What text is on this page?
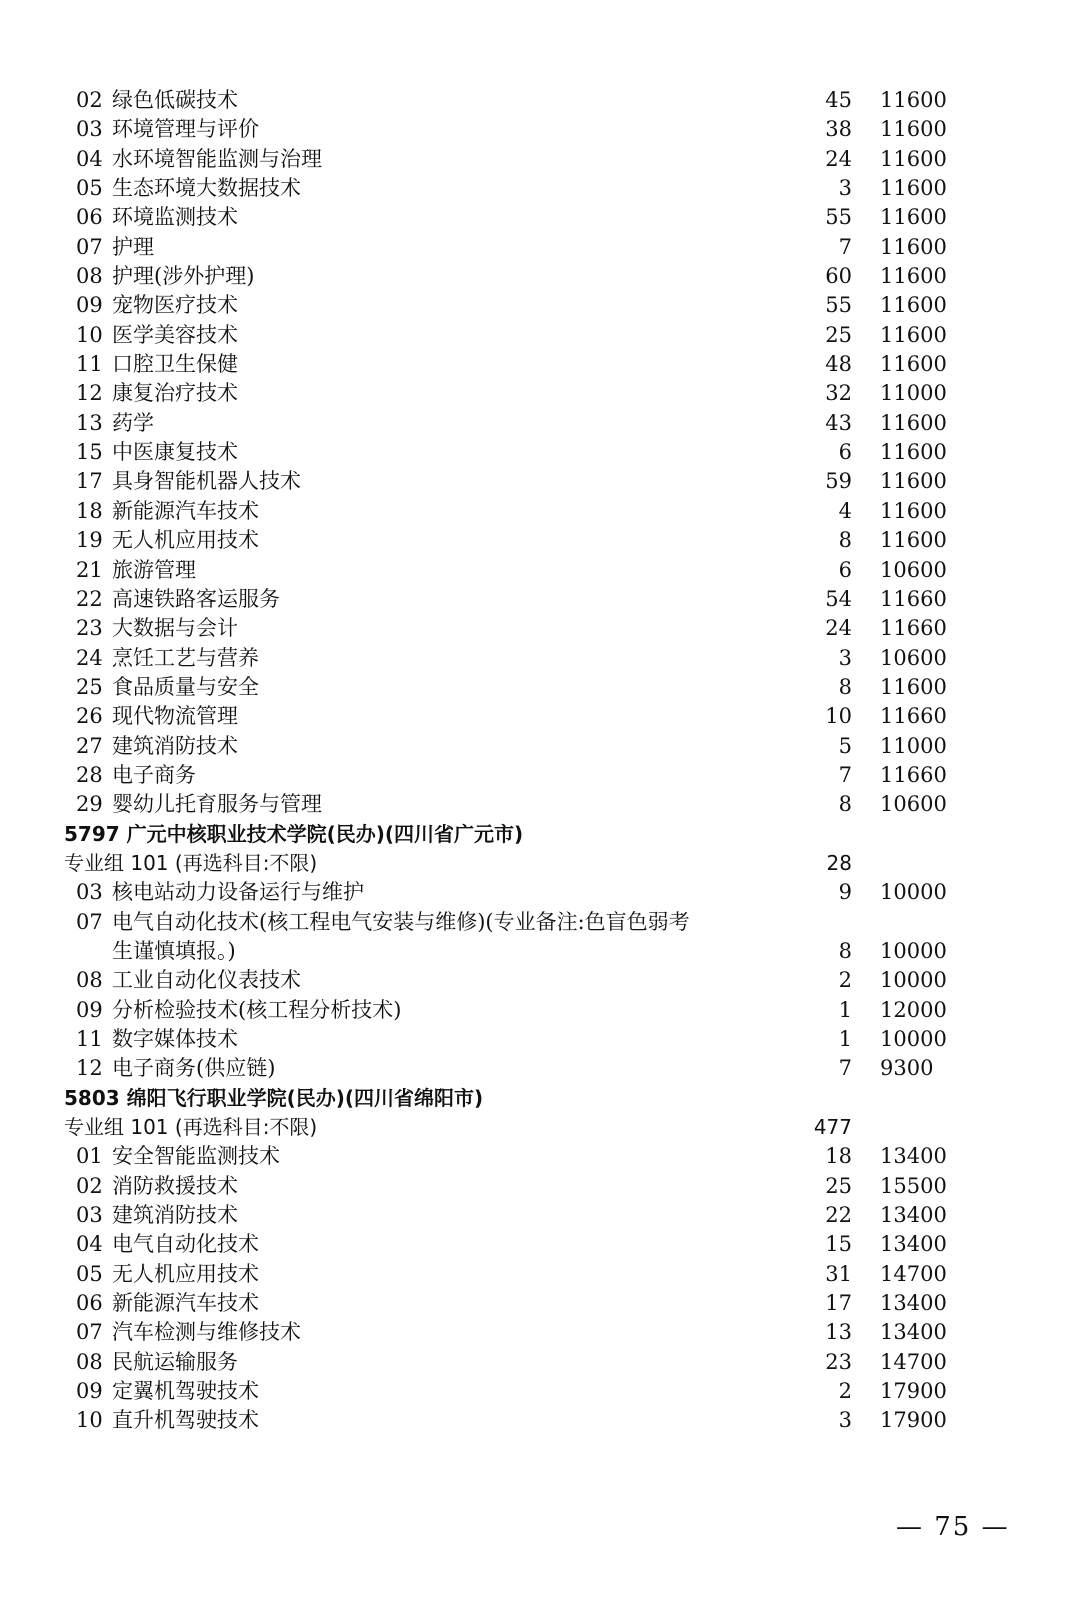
02 绿色低碳技术	45 11600
03 环境管理与评价	38 11600
04 水环境智能监测与治理	24 11600
05 生态环境大数据技术	3 11600
06 环境监测技术	55 11600
07 护理	7 11600
08 护理(涉外护理)	60 11600
09 宠物医疗技术	55 11600
10 医学美容技术	25 11600
11 口腔卫生保健	48 11600
12 康复治疗技术	32 11000
13 药学	43 11600
15 中医康复技术	6 11600
17 具身智能机器人技术	59 11600
18 新能源汽车技术	4 11600
19 无人机应用技术	8 11600
21 旅游管理	6 10600
22 高速铁路客运服务	54 11660
23 大数据与会计	24 11660
24 烹饪工艺与营养	3 10600
25 食品质量与安全	8 11600
26 现代物流管理	10 11660
27 建筑消防技术	5 11000
28 电子商务	7 11660
29 婴幼儿托育服务与管理	8 10600
5797 广元中核职业技术学院(民办)(四川省广元市)
专业组 101 (再选科目:不限)	28
03 核电站动力设备运行与维护	9 10000
07 电气自动化技术(核工程电气安装与维修)(专业备注:色盲色弱考
生谨慎填报。)	8 10000
08 工业自动化仪表技术	2 10000
09 分析检验技术(核工程分析技术)	1 12000
11 数字媒体技术	1 10000
12 电子商务(供应链)	7 9300
5803 绵阳飞行职业学院(民办)(四川省绵阳市)
专业组 101 (再选科目:不限)	477
01 安全智能监测技术	18 13400
02 消防救援技术	25 15500
03 建筑消防技术	22 13400
04 电气自动化技术	15 13400
05 无人机应用技术	31 14700
06 新能源汽车技术	17 13400
07 汽车检测与维修技术	13 13400
08 民航运输服务	23 14700
09 定翼机驾驶技术	2 17900
10 直升机驾驶技术	3 17900
— 75 —
